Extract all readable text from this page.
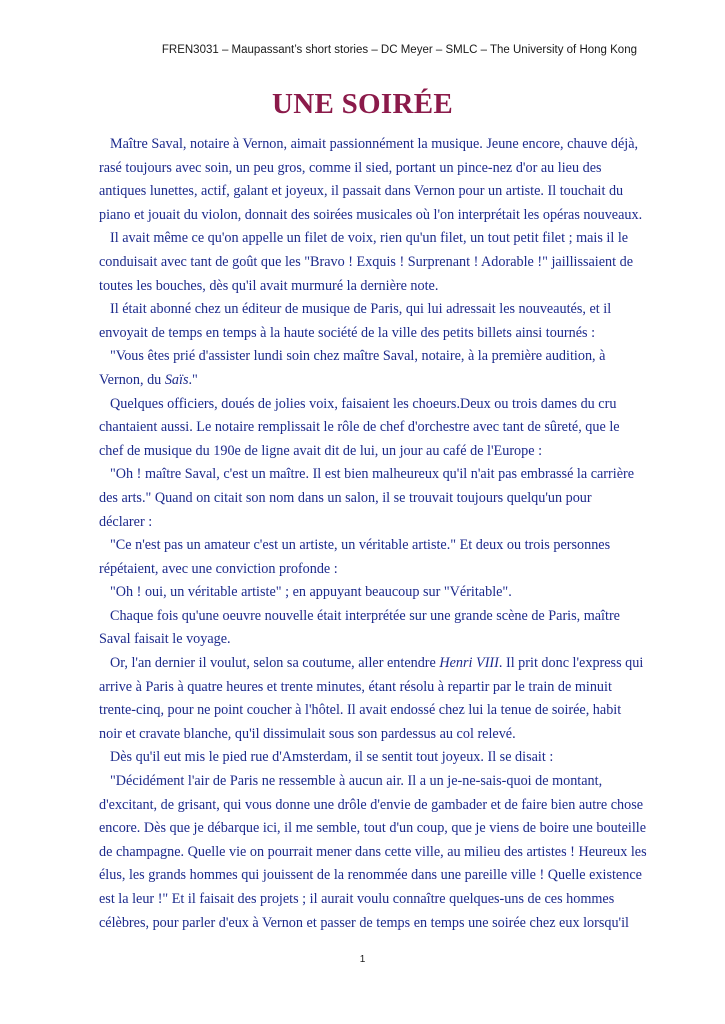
FREN3031 – Maupassant’s short stories – DC Meyer – SMLC – The University of Hong Kong
UNE SOIRÉE

Maître Saval, notaire à Vernon, aimait passionnément la musique. Jeune encore, chauve déjà,
rasé toujours avec soin, un peu gros, comme il sied, portant un pince-nez d'or au lieu des
antiques lunettes, actif, galant et joyeux, il passait dans Vernon pour un artiste. Il touchait du
piano et jouait du violon, donnait des soirées musicales où l'on interprétait les opéras nouveaux.

Il avait même ce qu'on appelle un filet de voix, rien qu'un filet, un tout petit filet ; mais il le
conduisait avec tant de goût que les "Bravo ! Exquis ! Surprenant ! Adorable !" jaillissaient de
toutes les bouches, dès qu'il avait murmuré la dernière note.

Il était abonné chez un éditeur de musique de Paris, qui lui adressait les nouveautés, et il
envoyait de temps en temps à la haute société de la ville des petits billets ainsi tournés :

"Vous êtes prié d'assister lundi soin chez maître Saval, notaire, à la première audition, à
Vernon, du Saïs."

Quelques officiers, doués de jolies voix, faisaient les choeurs.Deux ou trois dames du cru
chantaient aussi. Le notaire remplissait le rôle de chef d'orchestre avec tant de sûreté, que le
chef de musique du 190e de ligne avait dit de lui, un jour au café de l'Europe :

"Oh ! maître Saval, c'est un maître. Il est bien malheureux qu'il n'ait pas embrassé la carrière
des arts." Quand on citait son nom dans un salon, il se trouvait toujours quelqu'un pour
déclarer :

"Ce n'est pas un amateur c'est un artiste, un véritable artiste." Et deux ou trois personnes
répétaient, avec une conviction profonde :

"Oh ! oui, un véritable artiste" ; en appuyant beaucoup sur "Véritable".

Chaque fois qu'une oeuvre nouvelle était interprétée sur une grande scène de Paris, maître
Saval faisait le voyage.

Or, l'an dernier il voulut, selon sa coutume, aller entendre Henri VIII. Il prit donc l'express qui
arrive à Paris à quatre heures et trente minutes, étant résolu à repartir par le train de minuit
trente-cinq, pour ne point coucher à l'hôtel. Il avait endossé chez lui la tenue de soirée, habit
noir et cravate blanche, qu'il dissimulait sous son pardessus au col relevé.

Dès qu'il eut mis le pied rue d'Amsterdam, il se sentit tout joyeux. Il se disait :

"Décidément l'air de Paris ne ressemble à aucun air. Il a un je-ne-sais-quoi de montant,
d'excitant, de grisant, qui vous donne une drôle d'envie de gambader et de faire bien autre chose
encore. Dès que je débarque ici, il me semble, tout d'un coup, que je viens de boire une bouteille
de champagne. Quelle vie on pourrait mener dans cette ville, au milieu des artistes ! Heureux les
élus, les grands hommes qui jouissent de la renommée dans une pareille ville ! Quelle existence
est la leur !" Et il faisait des projets ; il aurait voulu connaître quelques-uns de ces hommes
célèbres, pour parler d'eux à Vernon et passer de temps en temps une soirée chez eux lorsqu'il

1
